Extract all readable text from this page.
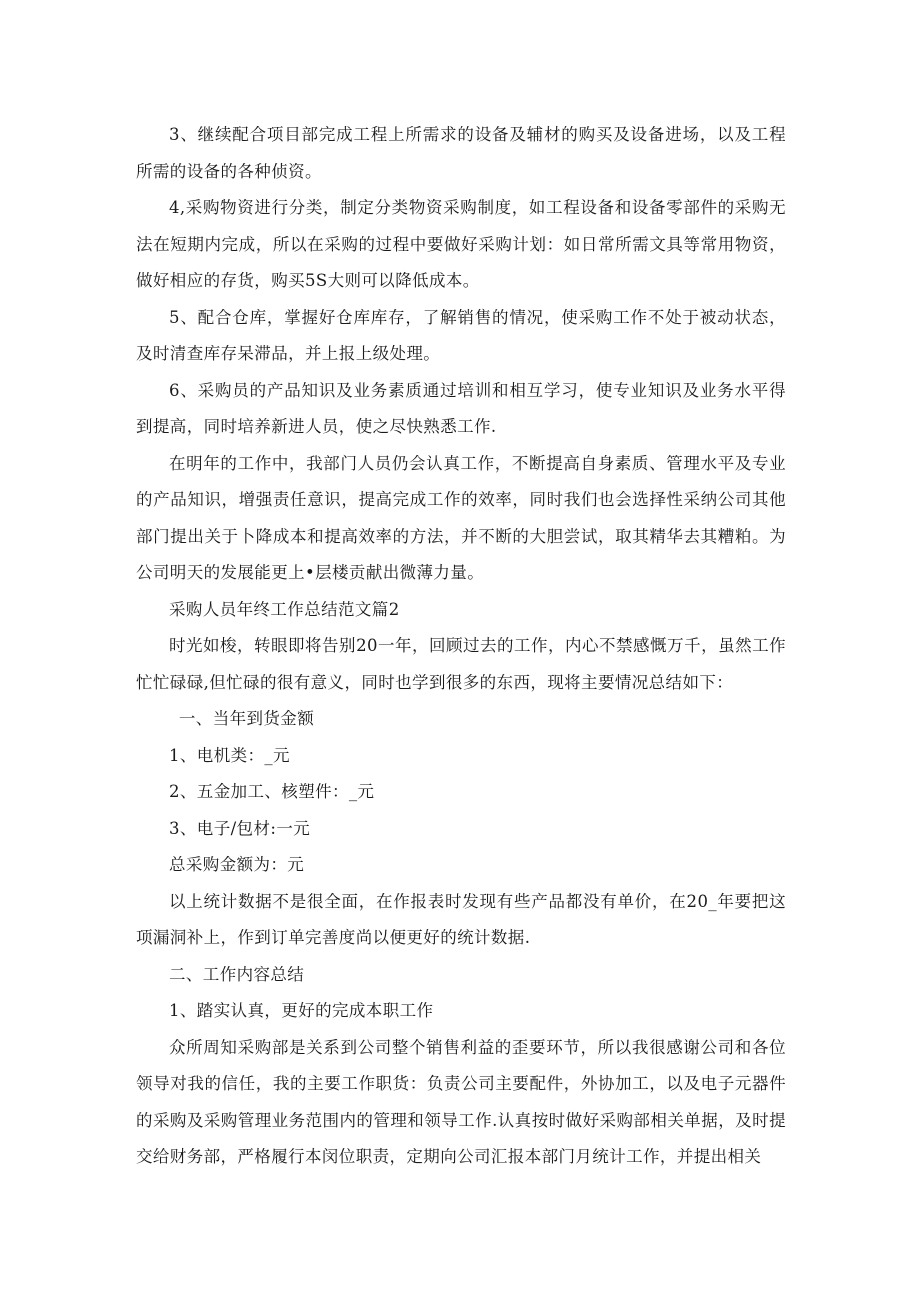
3、继续配合项目部完成工程上所需求的设备及辅材的购买及设备进场，以及工程所需的设备的各种侦资。

4,采购物资进行分类，制定分类物资采购制度，如工程设备和设备零部件的采购无法在短期内完成，所以在采购的过程中要做好采购计划：如日常所需文具等常用物资，做好相应的存货，购买5S大则可以降低成本。

5、配合仓库，掌握好仓库库存，了解销售的情况，使采购工作不处于被动状态，及时清查库存呆滞品，并上报上级处理。

6、采购员的产品知识及业务素质通过培训和相互学习，使专业知识及业务水平得到提高，同时培养新进人员，使之尽快熟悉工作.

在明年的工作中，我部门人员仍会认真工作，不断提高自身素质、管理水平及专业的产品知识，增强责任意识，提高完成工作的效率，同时我们也会选择性采纳公司其他部门提出关于卜降成本和提高效率的方法，并不断的大胆尝试，取其精华去其糟粕。为公司明天的发展能更上•层楼贡献出微薄力量。

采购人员年终工作总结范文篇2

时光如梭，转眼即将告别20一年，回顾过去的工作，内心不禁感慨万千，虽然工作忙忙碌碌,但忙碌的很有意义，同时也学到很多的东西，现将主要情况总结如下：

一、当年到货金额

1、电机类：_元

2、五金加工、核塑件：_元

3、电子/包材:一元

总采购金额为：元

以上统计数据不是很全面，在作报表时发现有些产品都没有单价，在20_年要把这项漏洞补上，作到订单完善度尚以便更好的统计数据.

二、工作内容总结

1、踏实认真，更好的完成本职工作

众所周知采购部是关系到公司整个销售利益的歪要环节，所以我很感谢公司和各位领导对我的信任，我的主要工作职货：负责公司主要配件，外协加工，以及电子元器件的采购及采购管理业务范围内的管理和领导工作.认真按时做好采购部相关单据，及时提交给财务部，严格履行本闵位职责，定期向公司汇报本部门月统计工作，并提出相关
